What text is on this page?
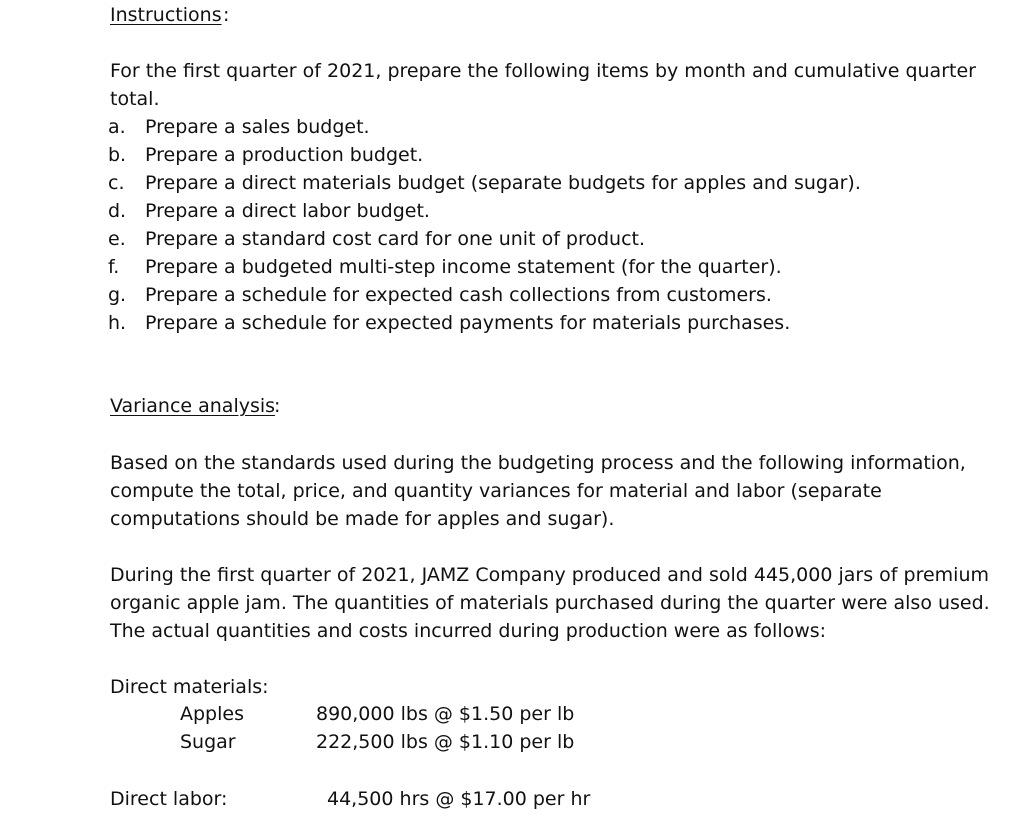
Instructions :

For the first quarter of 2021, prepare the following items by month and cumulative quarter total.

a.	Prepare a sales budget.
b. Prepare a production budget.
c.	Prepare a direct materials budget (separate budgets for apples and sugar).
d. Prepare a direct labor budget.
e.	Prepare a standard cost card for one unit of product.
f.	Prepare a budgeted multi-step income statement (for the quarter).
g. Prepare a schedule for expected cash collections from customers.
h. Prepare a schedule for expected payments for materials purchases.
Variance analysis
:

Based on the standards used during the budgeting process and the following information, compute the total, price, and quantity variances for material and labor (separate computations should be made for apples and sugar).

During the first quarter of 2021, JAMZ Company produced and sold 445,000 jars of premium organic apple jam. The quantities of materials purchased during the quarter were also used. The actual quantities and costs incurred during production were as follows:

Direct materials:
Apples	890,000 lbs @ $1.50 per lb
Sugar	222,500 lbs @ $1.10 per lb
Direct labor:	44,500 hrs @ $17.00 per hr
